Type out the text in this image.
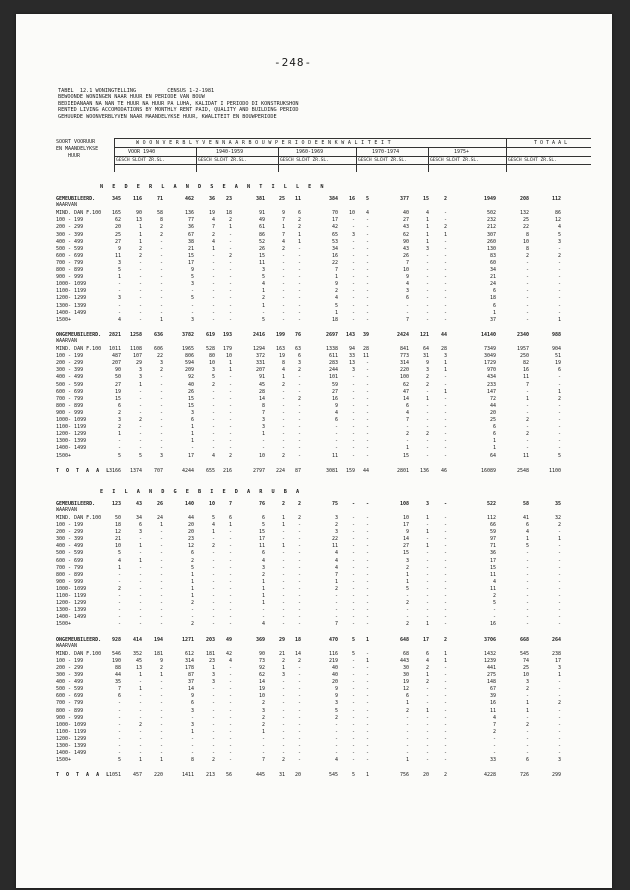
-248-
TABEL  12.1 WONINGTELLING          CENSUS 1-2-1981
BEWOONDE WONINGEN NAAR HUUR EN PERIODE VAN BOUW
BEDIEDANAAN NA NAN TE HUUR NA HUUR PA LUHA, KALIDAT I PERIODO DI KONSTRUKSHON
RENTED LIVING ACCOMODATIONS BY MONTHLY RENT PAID, QUALITY AND BUILDING PERIOD
GEHUURDE WOONVERBLYVEN NAAR MAANDELYKSE HUUR, KWALITEIT EN BOUWPERIODE
SOORT VOORUUR
EN MAANDELYKSE
HUUR
W O O N V E R B L Y V E N N A A R B O U W P E R I O D E E N K W A L I T E I T	T O T A A L
VOOR 1940	1940-1959	1960-1969	1970-1974	1975+
GESCH SLCHT ZR.SL.	GESCH SLCHT ZR.SL.	GESCH SLCHT ZR.SL.	GESCH SLCHT ZR.SL.	GESCH SLCHT ZR.SL.	GESCH SLCHT ZR.SL.
N E D E R L A N D S E A N T I L L E N
GEMEUBILEERD.	345	116	71	462	36	23	381	25	11	384	16	5	377	15	2	1949	208	112
WAARVAN
MIND. DAN F.100	165	90	58	136	19	18	91	9	6	70	10	4	40	4	-	502	132	86
100 - 199	62	13	8	77	4	2	49	7	2	17	-	-	27	1	-	232	25	12
200 - 299	20	1	2	36	7	1	61	1	2	42	-	-	43	1	2	212	22	4
300 - 399	25	1	2	67	2	-	86	7	1	65	3	-	62	1	1	307	8	5
400 - 499	27	1	-	38	4	-	52	4	1	53	-	-	90	1	-	260	10	3
500 - 599	9	2	-	21	1	-	26	2	-	34	-	-	43	3	-	130	8	-
600 - 699	11	2	-	15	-	2	15	-	-	16	-	-	26	-	-	83	2	2
700 - 799	3	-	-	17	-	-	11	-	-	22	-	-	7	-	-	60	-	-
800 - 899	5	-	-	9	-	-	3	-	-	7	-	-	10	-	-	34	-	-
900 - 999	1	-	-	5	-	-	5	-	-	1	-	-	9	-	-	21	-	-
1000- 1099	-	-	-	3	-	-	4	-	-	9	-	-	4	-	-	24	-	-
1100- 1199	-	-	-	-	-	-	1	-	-	2	-	-	3	-	-	6	-	-
1200- 1299	3	-	-	5	-	-	2	-	-	4	-	-	6	-	-	18	-	-
1300- 1399	-	-	-	-	-	-	1	-	-	5	-	-	-	-	-	6	-	-
1400- 1499	-	-	-	-	-	-	-	-	-	1	-	-	-	-	-	1	-	-
1500+	4	-	1	3	-	-	5	-	-	18	-	-	7	-	-	37	-	1
ONGEMEUBILEERD.	2821	1258	636	3782	619	193	2416	199	76	2697	143	39	2424	121	44	14140	2340	988
WAARVAN
MIND. DAN F.100	1011	1108	606	1965	528	179	1294	163	63	1338	94	28	841	64	28	7349	1957	904
100 - 199	487	107	22	806	80	10	372	19	6	611	33	11	773	31	3	3049	250	51
200 - 299	207	29	3	594	10	1	331	8	3	283	13	-	314	9	1	1729	82	19
300 - 399	90	3	2	209	3	1	207	4	2	244	3	-	220	3	1	970	16	6
400 - 499	50	3	-	92	5	-	91	1	-	101	-	-	100	2	-	434	11	-
500 - 599	27	1	-	40	2	-	45	2	-	59	-	-	62	2	-	233	7	-
600 - 699	19	-	-	26	-	-	28	-	-	27	-	-	47	-	1	147	-	1
700 - 799	15	-	-	15	-	-	14	-	2	16	-	-	14	1	-	72	1	2
800 - 899	6	-	-	15	-	-	8	-	-	9	-	-	6	-	-	44	-	-
900 - 999	2	-	-	3	-	-	7	-	-	4	-	-	4	-	-	20	-	-
1000- 1099	3	2	-	6	-	-	3	-	-	6	-	-	7	-	-	25	2	-
1100- 1199	2	-	-	1	-	-	3	-	-	-	-	-	-	-	-	6	-	-
1200- 1299	1	-	-	1	-	-	1	-	-	-	-	-	2	2	-	6	2	-
1300- 1399	-	-	-	1	-	-	-	-	-	-	-	-	-	-	-	1	-	-
1400- 1499	-	-	-	-	-	-	-	-	-	-	-	-	1	-	-	1	-	-
1500+	5	5	3	17	4	2	10	2	-	11	-	-	15	-	-	64	11	5
T O T A A L
3166	1374	707	4244	655	216	2797	224	87	3081	159	44	2801	136	46	16089	2548	1100
E I L A N D G E B I E D A R U B A
GEMEUBILEERD.	123	43	26	140	10	7	76	2	2	75	-	-	108	3	-	522	58	35
WAARVAN
MIND. DAN F.100	50	34	24	44	5	6	6	1	2	3	-	-	10	1	-	112	41	32
100 - 199	18	6	1	20	4	1	5	1	-	2	-	-	17	-	-	66	6	2
200 - 299	12	3	-	20	1	-	15	-	-	3	-	-	9	1	-	59	4	-
300 - 399	21	-	-	23	-	-	17	-	-	22	-	-	14	-	-	97	1	1
400 - 499	10	1	-	12	2	-	11	1	-	11	-	-	27	1	-	71	5	-
500 - 599	5	-	-	6	-	-	6	-	-	4	-	-	15	-	-	36	-	-
600 - 699	4	1	-	2	-	-	4	-	-	4	-	-	3	-	-	17	-	-
700 - 799	1	-	-	5	-	-	3	-	-	4	-	-	2	-	-	15	-	-
800 - 899	-	-	-	1	-	-	2	-	-	7	-	-	1	-	-	11	-	-
900 - 999	-	-	-	1	-	-	1	-	-	1	-	-	1	-	-	4	-	-
1000- 1099	2	-	-	1	-	-	1	-	-	2	-	-	5	-	-	11	-	-
1100- 1199	-	-	-	1	-	-	1	-	-	-	-	-	-	-	-	2	-	-
1200- 1299	-	-	-	2	-	-	1	-	-	-	-	-	2	-	-	5	-	-
1300- 1399	-	-	-	-	-	-	-	-	-	-	-	-	-	-	-	-	-	-
1400- 1499	-	-	-	-	-	-	-	-	-	-	-	-	-	-	-	-	-	-
1500+	-	-	-	2	-	-	4	-	-	7	-	-	2	1	-	16	-	-
ONGEMEUBILEERD.	928	414	194	1271	203	49	369	29	18	470	5	1	648	17	2	3706	668	264
WAARVAN
MIND. DAN F.100	546	352	181	612	181	42	90	21	14	116	5	-	68	6	1	1432	545	238
100 - 199	190	45	9	314	23	4	73	2	2	219	-	1	443	4	1	1239	74	17
200 - 299	88	13	2	178	1	-	92	1	-	40	-	-	30	2	-	441	25	3
300 - 399	44	1	1	87	3	-	62	3	-	40	-	-	30	1	-	275	10	1
400 - 499	35	-	-	37	3	-	14	-	-	20	-	-	19	2	-	148	3	-
500 - 599	7	1	-	14	-	-	19	-	-	9	-	-	12	-	-	67	2	-
600 - 699	6	-	-	9	-	-	10	-	-	9	-	-	6	-	-	39	-	-
700 - 799	-	-	-	6	-	-	2	-	-	3	-	-	1	-	-	16	1	2
800 - 899	-	-	-	3	-	-	3	-	-	5	-	-	2	1	-	11	1	-
900 - 999	-	-	-	-	-	-	2	-	-	2	-	-	-	-	-	4	-	-
1000- 1099	-	2	-	3	-	-	2	-	-	-	-	-	-	-	-	7	2	-
1100- 1199	-	-	-	1	-	-	1	-	-	-	-	-	-	-	-	2	-	-
1200- 1299	-	-	-	-	-	-	-	-	-	-	-	-	-	-	-	-	-	-
1300- 1399	-	-	-	-	-	-	-	-	-	-	-	-	-	-	-	-	-	-
1400- 1499	-	-	-	-	-	-	-	-	-	-	-	-	-	-	-	-	-	-
1500+	5	1	1	8	2	-	7	2	-	4	-	-	1	-	-	33	6	3
T O T A A L
1051	457	220	1411	213	56	445	31	20	545	5	1	756	20	2	4228	726	299
